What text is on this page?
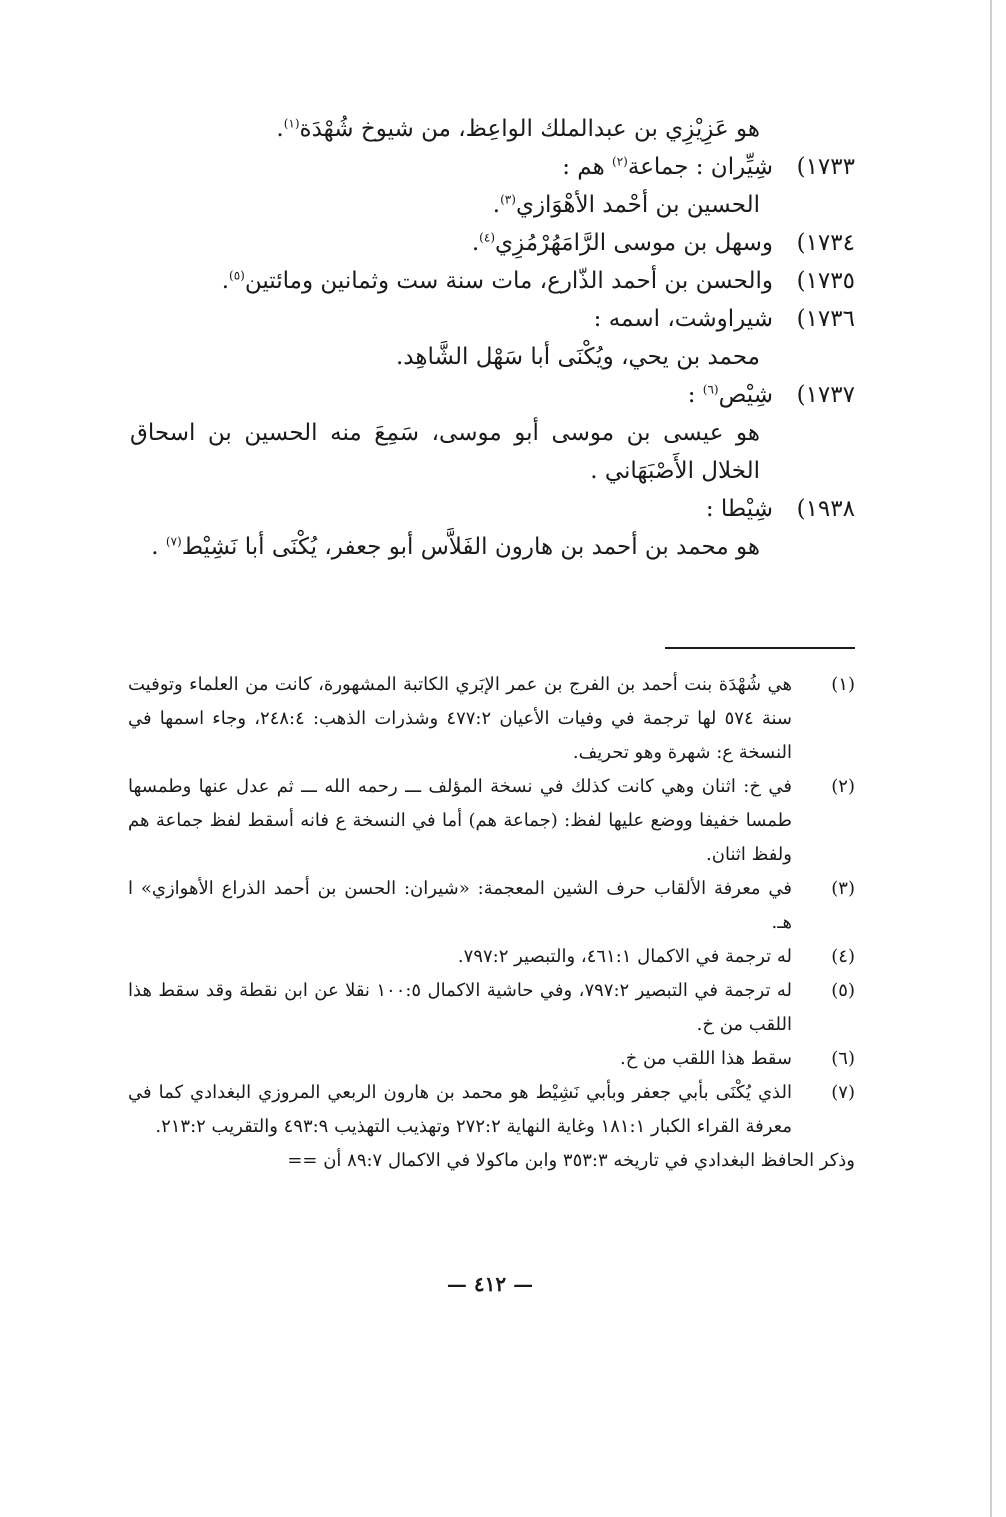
هو عَزِيْزِي بن عبدالملك الواعِظ، من شيوخ شُهْدَة$^{(١)}$.
١٧٣٣)شِيِّران : جماعة$^{(٢)}$ هم :
الحسين بن أحْمد الأهْوَازي$^{(٣)}$.
١٧٣٤)وسهل بن موسى الرَّامَهُرْمُزِي$^{(٤)}$.
١٧٣٥)والحسن بن أحمد الذّارع، مات سنة ست وثمانين ومائتين$^{(٥)}$.
١٧٣٦)شيراوشت، اسمه :
محمد بن يحي، ويُكْنَى أبا سَهْل الشَّاهِد.
١٧٣٧)شِيْص$^{(٦)}$ :
هو عيسى بن موسى أبو موسى، سَمِعَ منه الحسين بن اسحاق الخلال الأَصْبَهَاني .
١٩٣٨)شِيْطا :
هو محمد بن أحمد بن هارون الفَلاَّس أبو جعفر، يُكْنَى أبا نَشِيْط$^{(٧)}$ .
(١)
هي شُهْدَة بنت أحمد بن الفرج بن عمر الإبَري الكاتبة المشهورة، كانت من العلماء وتوفيت سنة ٥٧٤ لها ترجمة في وفيات الأعيان ٤٧٧:٢ وشذرات الذهب: ٢٤٨:٤، وجاء اسمها في النسخة ع: شهرة وهو تحريف.
(٢)
في خ: اثنان وهي كانت كذلك في نسخة المؤلف ـــ رحمه الله ـــ ثم عدل عنها وطمسها طمسا خفيفا ووضع عليها لفظ: (جماعة هم) أما في النسخة ع فانه أسقط لفظ جماعة هم ولفظ اثنان.
(٣)
في معرفة الألقاب حرف الشين المعجمة: «شيران: الحسن بن أحمد الذراع الأهوازي» ا هـ.
(٤)
له ترجمة في الاكمال ٤٦١:١، والتبصير ٧٩٧:٢.
(٥)
له ترجمة في التبصير ٧٩٧:٢، وفي حاشية الاكمال ١٠٠:٥ نقلا عن ابن نقطة وقد سقط هذا اللقب من خ.
(٦)
سقط هذا اللقب من خ.
(٧)
الذي يُكْنَى بأبي جعفر وبأبي نَشِيْط هو محمد بن هارون الربعي المروزي البغدادي كما في معرفة القراء الكبار ١٨١:١ وغاية النهاية ٢٧٢:٢ وتهذيب التهذيب ٤٩٣:٩ والتقريب ٢١٣:٢.
وذكر الحافظ البغدادي في تاريخه ٣٥٣:٣ وابن ماكولا في الاكمال ٨٩:٧ أن ==
— ٤١٢ —
